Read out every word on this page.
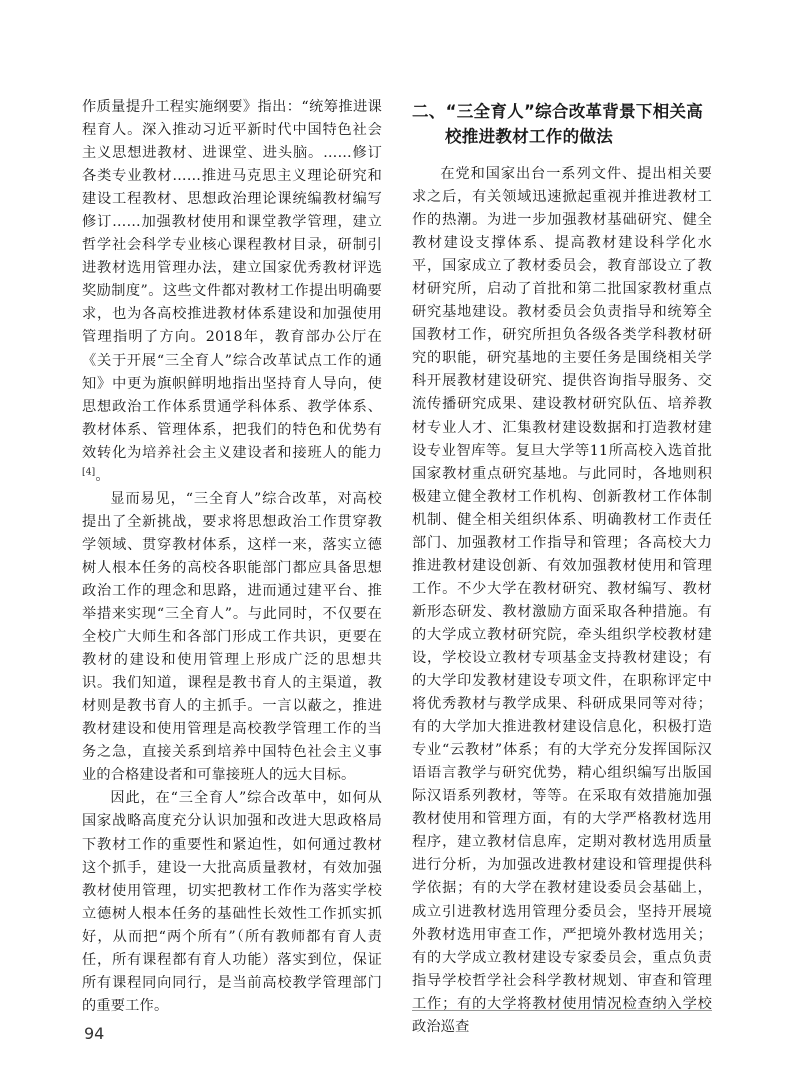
作质量提升工程实施纲要》指出：“统筹推进课程育人。深入推动习近平新时代中国特色社会主义思想进教材、进课堂、进头脑。……修订各类专业教材……推进马克思主义理论研究和建设工程教材、思想政治理论课统编教材编写修订……加强教材使用和课堂教学管理，建立哲学社会科学专业核心课程教材目录，研制引进教材选用管理办法，建立国家优秀教材评选奖励制度”。这些文件都对教材工作提出明确要求，也为各高校推进教材体系建设和加强使用管理指明了方向。2018年，教育部办公厅在《关于开展“三全育人”综合改革试点工作的通知》中更为旗帜鲜明地指出坚持育人导向，使思想政治工作体系贯通学科体系、教学体系、教材体系、管理体系，把我们的特色和优势有效转化为培养社会主义建设者和接班人的能力[4]。

显而易见，“三全育人”综合改革，对高校提出了全新挑战，要求将思想政治工作贯穿教学领域、贯穿教材体系，这样一来，落实立德树人根本任务的高校各职能部门都应具备思想政治工作的理念和思路，进而通过建平台、推举措来实现“三全育人”。与此同时，不仅要在全校广大师生和各部门形成工作共识，更要在教材的建设和使用管理上形成广泛的思想共识。我们知道，课程是教书育人的主渠道，教材则是教书育人的主抓手。一言以蔽之，推进教材建设和使用管理是高校教学管理工作的当务之急，直接关系到培养中国特色社会主义事业的合格建设者和可靠接班人的远大目标。

因此，在“三全育人”综合改革中，如何从国家战略高度充分认识加强和改进大思政格局下教材工作的重要性和紧迫性，如何通过教材这个抓手，建设一大批高质量教材，有效加强教材使用管理，切实把教材工作作为落实学校立德树人根本任务的基础性长效性工作抓实抓好，从而把“两个所有”（所有教师都有育人责任，所有课程都有育人功能）落实到位，保证所有课程同向同行，是当前高校教学管理部门的重要工作。

二、“三全育人”综合改革背景下相关高
校推进教材工作的做法

在党和国家出台一系列文件、提出相关要求之后，有关领域迅速掀起重视并推进教材工作的热潮。为进一步加强教材基础研究、健全教材建设支撑体系、提高教材建设科学化水平，国家成立了教材委员会，教育部设立了教材研究所，启动了首批和第二批国家教材重点研究基地建设。教材委员会负责指导和统筹全国教材工作，研究所担负各级各类学科教材研究的职能，研究基地的主要任务是围绕相关学科开展教材建设研究、提供咨询指导服务、交流传播研究成果、建设教材研究队伍、培养教材专业人才、汇集教材建设数据和打造教材建设专业智库等。复旦大学等11所高校入选首批国家教材重点研究基地。与此同时，各地则积极建立健全教材工作机构、创新教材工作体制机制、健全相关组织体系、明确教材工作责任部门、加强教材工作指导和管理；各高校大力推进教材建设创新、有效加强教材使用和管理工作。不少大学在教材研究、教材编写、教材新形态研发、教材激励方面采取各种措施。有的大学成立教材研究院，牵头组织学校教材建设，学校设立教材专项基金支持教材建设；有的大学印发教材建设专项文件，在职称评定中将优秀教材与教学成果、科研成果同等对待；有的大学加大推进教材建设信息化，积极打造专业“云教材”体系；有的大学充分发挥国际汉语语言教学与研究优势，精心组织编写出版国际汉语系列教材，等等。在采取有效措施加强教材使用和管理方面，有的大学严格教材选用程序，建立教材信息库，定期对教材选用质量进行分析，为加强改进教材建设和管理提供科学依据；有的大学在教材建设委员会基础上，成立引进教材选用管理分委员会，坚持开展境外教材选用审查工作，严把境外教材选用关；有的大学成立教材建设专家委员会，重点负责指导学校哲学社会科学教材规划、审查和管理工作；有的大学将教材使用情况检查纳入学校政治巡查

94
